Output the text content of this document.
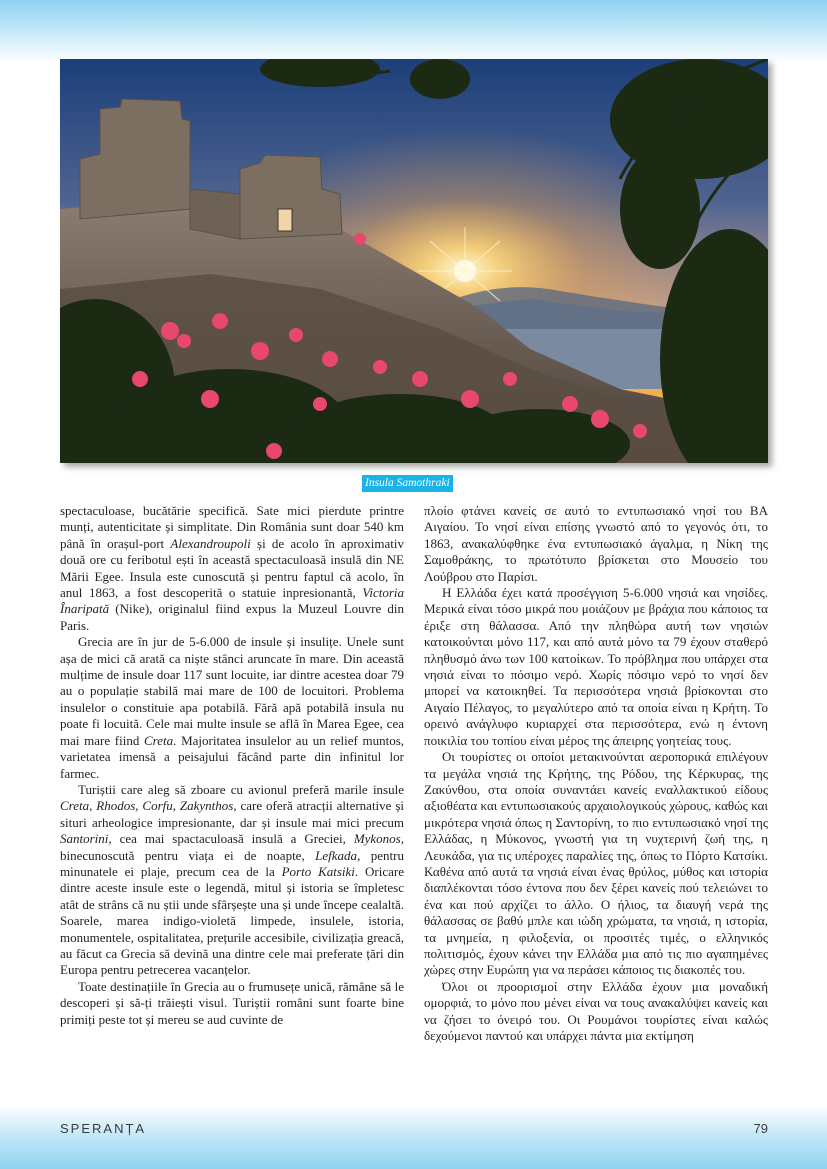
Insula Samothraki

spectaculoase, bucătărie specifică. Sate mici pierdute printre munți, autenticitate și simplitate. Din România sunt doar 540 km până în orașul-port Alexandroupoli și de acolo în aproximativ două ore cu feribotul ești în această spectaculoasă insulă din NE Mării Egee. Insula este cunoscută și pentru faptul că acolo, în anul 1863, a fost descoperită o statuie inpresionantă, Victoria Înaripată (Nike), originalul fiind expus la Muzeul Louvre din Paris.

Grecia are în jur de 5-6.000 de insule și insulițe. Unele sunt așa de mici că arată ca niște stânci aruncate în mare. Din această mulțime de insule doar 117 sunt locuite, iar dintre acestea doar 79 au o populație stabilă mai mare de 100 de locuitori. Problema insulelor o constituie apa potabilă. Fără apă potabilă insula nu poate fi locuită. Cele mai multe insule se află în Marea Egee, cea mai mare fiind Creta. Majoritatea insulelor au un relief muntos, varietatea imensă a peisajului făcând parte din infinitul lor farmec.

Turiștii care aleg să zboare cu avionul preferă marile insule Creta, Rhodos, Corfu, Zakynthos, care oferă atracții alternative și situri arheologice impresionante, dar și insule mai mici precum Santorini, cea mai spactaculoasă insulă a Greciei, Mykonos, binecunoscută pentru viața ei de noapte, Lefkada, pentru minunatele ei plaje, precum cea de la Porto Katsiki. Oricare dintre aceste insule este o legendă, mitul și istoria se împletesc atât de strâns că nu știi unde sfârșește una și unde începe cealaltă. Soarele, marea indigo-violetă limpede, insulele, istoria, monumentele, ospitalitatea, prețurile accesibile, civilizația greacă, au făcut ca Grecia să devină una dintre cele mai preferate țări din Europa pentru petrecerea vacanțelor.

Toate destinațiile în Grecia au o frumusețe unică, rămâne să le descoperi și să-ți trăiești visul. Turiștii români sunt foarte bine primiți peste tot și mereu se aud cuvinte de

πλοίο φτάνει κανείς σε αυτό το εντυπωσιακό νησί του ΒΑ Αιγαίου. Το νησί είναι επίσης γνωστό από το γεγονός ότι, το 1863, ανακαλύφθηκε ένα εντυπωσιακό άγαλμα, η Νίκη της Σαμοθράκης, το πρωτότυπο βρίσκεται στο Μουσείο του Λούβρου στο Παρίσι.

Η Ελλάδα έχει κατά προσέγγιση 5-6.000 νησιά και νησίδες. Μερικά είναι τόσο μικρά που μοιάζουν με βράχια που κάποιος τα έριξε στη θάλασσα. Από την πληθώρα αυτή των νησιών κατοικούνται μόνο 117, και από αυτά μόνο τα 79 έχουν σταθερό πληθυσμό άνω των 100 κατοίκων. Το πρόβλημα που υπάρχει στα νησιά είναι το πόσιμο νερό. Χωρίς πόσιμο νερό το νησί δεν μπορεί να κατοικηθεί. Τα περισσότερα νησιά βρίσκονται στο Αιγαίο Πέλαγος, το μεγαλύτερο από τα οποία είναι η Κρήτη. Το ορεινό ανάγλυφο κυριαρχεί στα περισσότερα, ενώ η έντονη ποικιλία του τοπίου είναι μέρος της άπειρης γοητείας τους.

Οι τουρίστες οι οποίοι μετακινούνται αεροπορικά επιλέγουν τα μεγάλα νησιά της Κρήτης, της Ρόδου, της Κέρκυρας, της Ζακύνθου, στα οποία συναντάει κανείς εναλλακτικού είδους αξιοθέατα και εντυπωσιακούς αρχαιολογικούς χώρους, καθώς και μικρότερα νησιά όπως η Σαντορίνη, το πιο εντυπωσιακό νησί της Ελλάδας, η Μύκονος, γνωστή για τη νυχτερινή ζωή της, η Λευκάδα, για τις υπέροχες παραλίες της, όπως το Πόρτο Κατσίκι. Καθένα από αυτά τα νησιά είναι ένας θρύλος, μύθος και ιστορία διαπλέκονται τόσο έντονα που δεν ξέρει κανείς πού τελειώνει το ένα και πού αρχίζει το άλλο. Ο ήλιος, τα διαυγή νερά της θάλασσας σε βαθύ μπλε και ιώδη χρώματα, τα νησιά, η ιστορία, τα μνημεία, η φιλοξενία, οι προσιτές τιμές, ο ελληνικός πολιτισμός, έχουν κάνει την Ελλάδα μια από τις πιο αγαπημένες χώρες στην Ευρώπη για να περάσει κάποιος τις διακοπές του.

Όλοι οι προορισμοί στην Ελλάδα έχουν μια μοναδική ομορφιά, το μόνο που μένει είναι να τους ανακαλύψει κανείς και να ζήσει το όνειρό του. Οι Ρουμάνοι τουρίστες είναι καλώς δεχούμενοι παντού και υπάρχει πάντα μια εκτίμηση

SPERANȚA	79
